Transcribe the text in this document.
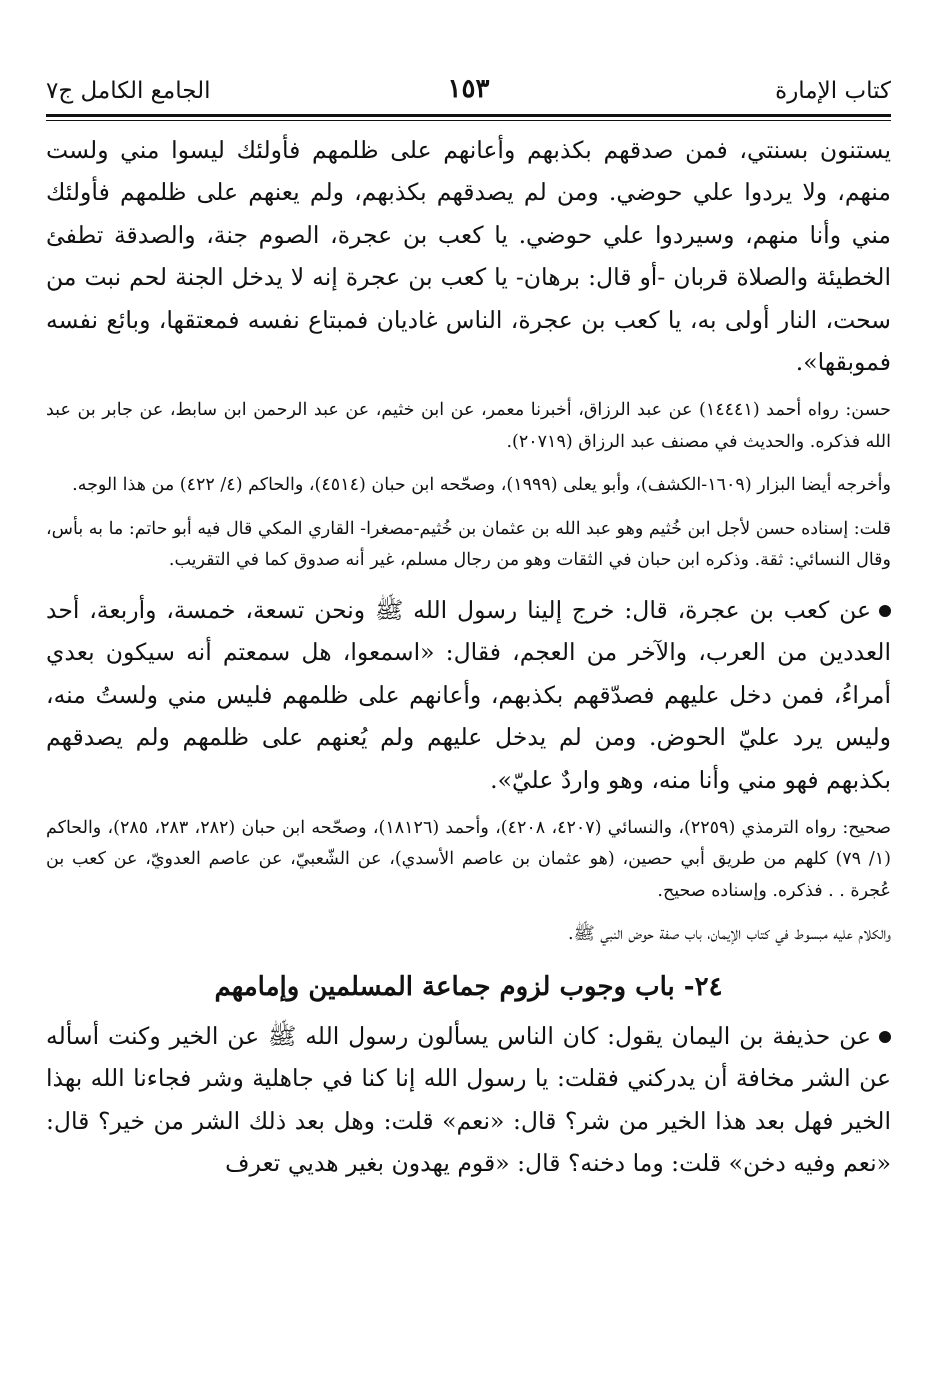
كتاب الإمارة
١٥٣
الجامع الكامل ج٧

يستنون بسنتي، فمن صدقهم بكذبهم وأعانهم على ظلمهم فأولئك ليسوا مني ولست منهم، ولا يردوا علي حوضي. ومن لم يصدقهم بكذبهم، ولم يعنهم على ظلمهم فأولئك مني وأنا منهم، وسيردوا علي حوضي. يا كعب بن عجرة، الصوم جنة، والصدقة تطفئ الخطيئة والصلاة قربان -أو قال: برهان- يا كعب بن عجرة إنه لا يدخل الجنة لحم نبت من سحت، النار أولى به، يا كعب بن عجرة، الناس غاديان فمبتاع نفسه فمعتقها، وبائع نفسه فموبقها».

حسن: رواه أحمد (١٤٤٤١) عن عبد الرزاق، أخبرنا معمر، عن ابن خثيم، عن عبد الرحمن ابن سابط، عن جابر بن عبد الله فذكره. والحديث في مصنف عبد الرزاق (٢٠٧١٩).

وأخرجه أيضا البزار (١٦٠٩-الكشف)، وأبو يعلى (١٩٩٩)، وصحّحه ابن حبان (٤٥١٤)، والحاكم (٤/ ٤٢٢) من هذا الوجه.

قلت: إسناده حسن لأجل ابن خُثيم وهو عبد الله بن عثمان بن خُثيم-مصغرا- القاري المكي قال فيه أبو حاتم: ما به بأس، وقال النسائي: ثقة. وذكره ابن حبان في الثقات وهو من رجال مسلم، غير أنه صدوق كما في التقريب.

عن كعب بن عجرة، قال: خرج إلينا رسول الله ﷺ ونحن تسعة، خمسة، وأربعة، أحد العددين من العرب، والآخر من العجم، فقال: «اسمعوا، هل سمعتم أنه سيكون بعدي أمراءُ، فمن دخل عليهم فصدّقهم بكذبهم، وأعانهم على ظلمهم فليس مني ولستُ منه، وليس يرد عليّ الحوض. ومن لم يدخل عليهم ولم يُعنهم على ظلمهم ولم يصدقهم بكذبهم فهو مني وأنا منه، وهو واردٌ عليّ».

صحيح: رواه الترمذي (٢٢٥٩)، والنسائي (٤٢٠٧، ٤٢٠٨)، وأحمد (١٨١٢٦)، وصحّحه ابن حبان (٢٨٢، ٢٨٣، ٢٨٥)، والحاكم (١/ ٧٩) كلهم من طريق أبي حصين، (هو عثمان بن عاصم الأسدي)، عن الشّعبيّ، عن عاصم العدويّ، عن كعب بن عُجرة . . فذكره. وإسناده صحيح.

والكلام عليه مبسوط في كتاب الإيمان، باب صفة حوض النبي ﷺ.

٢٤- باب وجوب لزوم جماعة المسلمين وإمامهم

عن حذيفة بن اليمان يقول: كان الناس يسألون رسول الله ﷺ عن الخير وكنت أسأله عن الشر مخافة أن يدركني فقلت: يا رسول الله إنا كنا في جاهلية وشر فجاءنا الله بهذا الخير فهل بعد هذا الخير من شر؟ قال: «نعم» قلت: وهل بعد ذلك الشر من خير؟ قال: «نعم وفيه دخن» قلت: وما دخنه؟ قال: «قوم يهدون بغير هديي تعرف
